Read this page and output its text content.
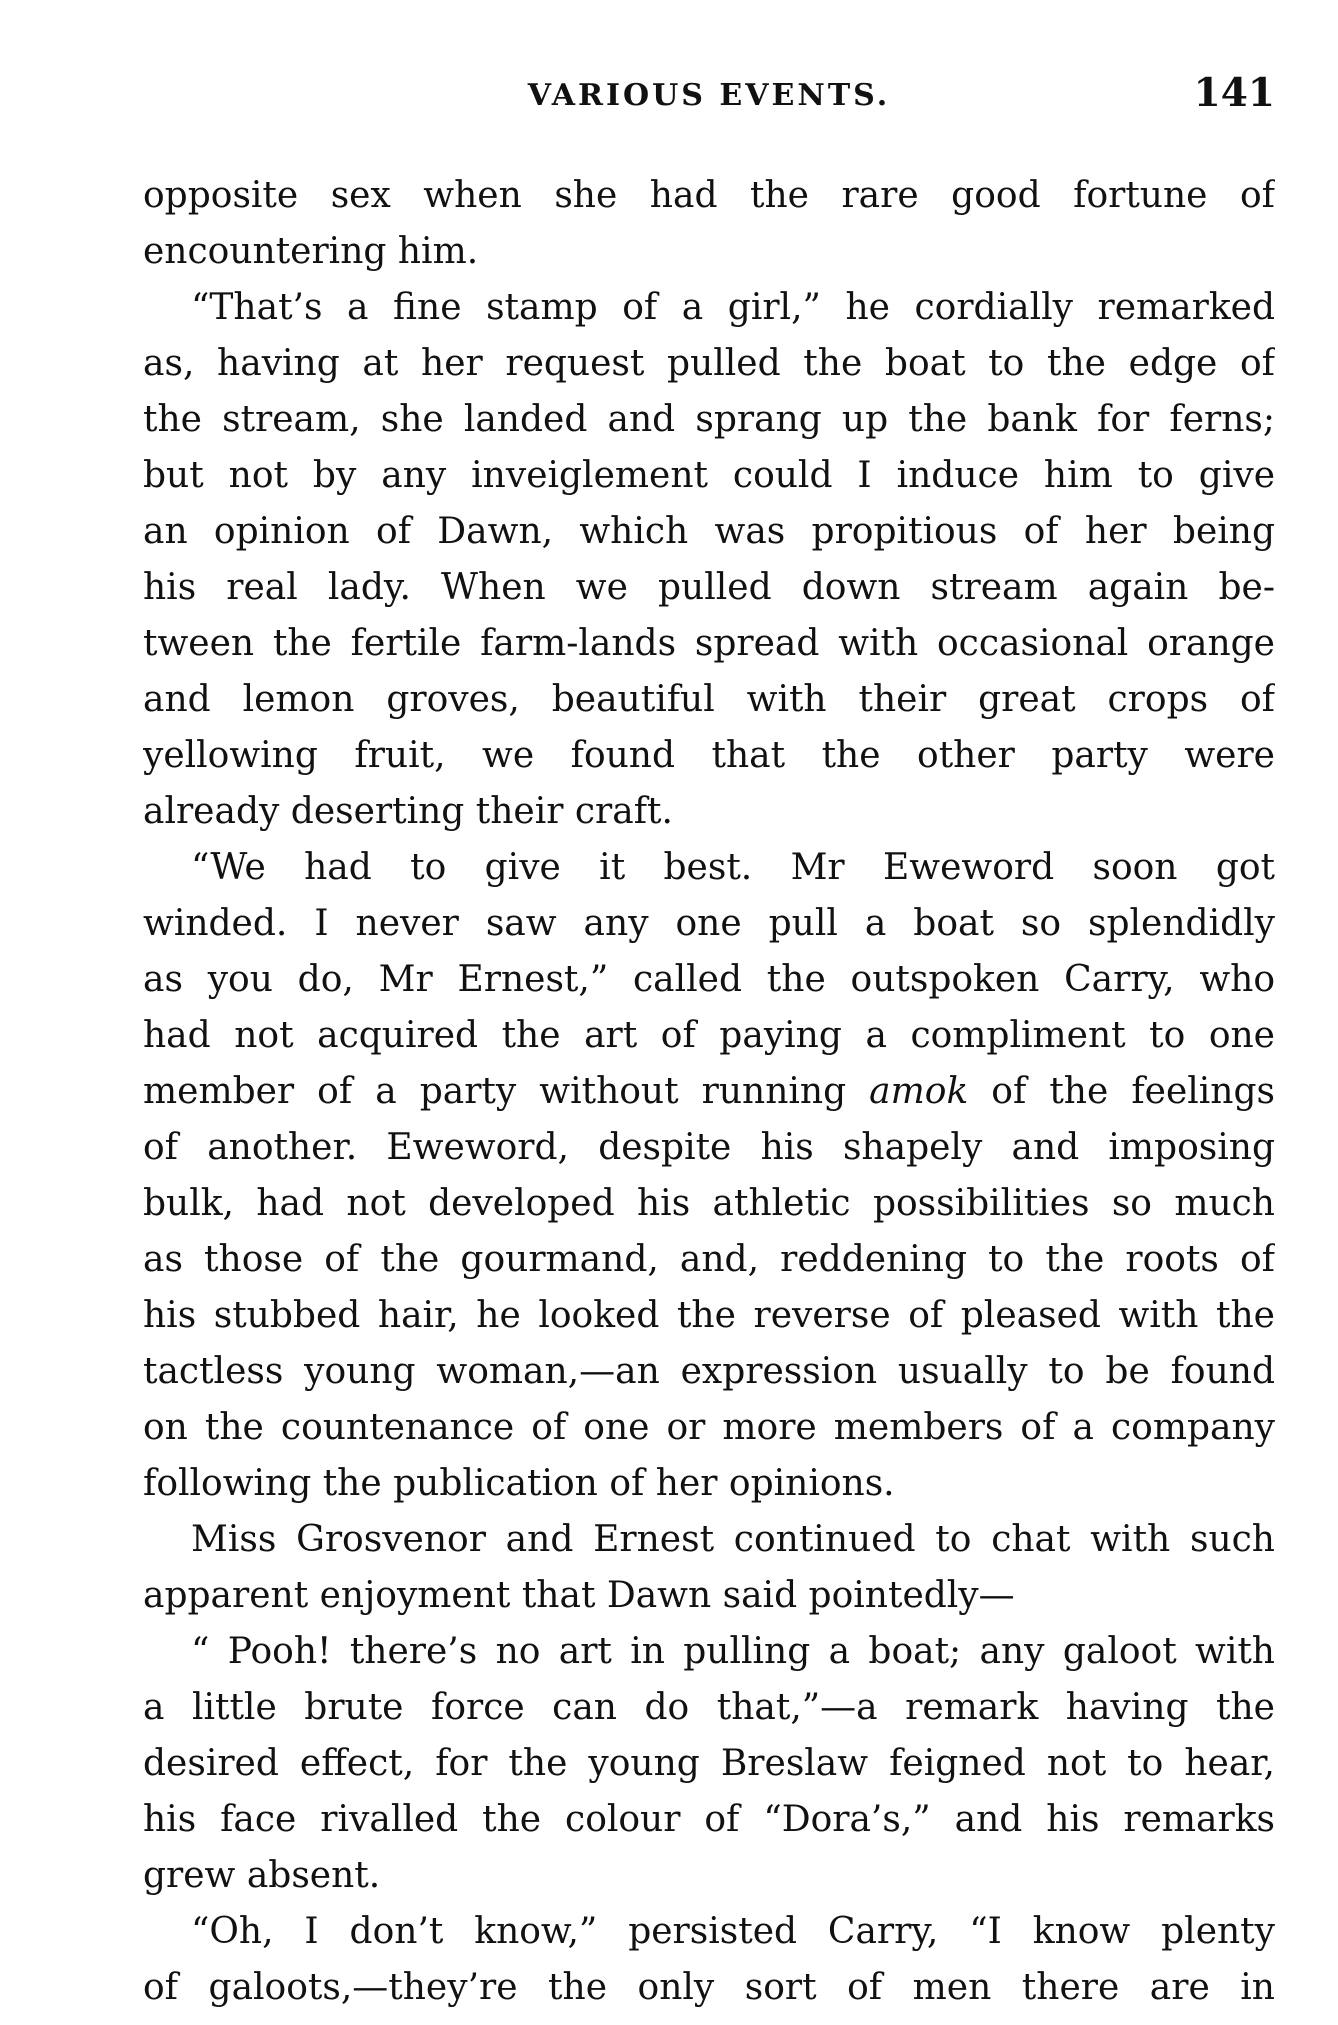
VARIOUS EVENTS.	141
opposite sex when she had the rare good fortune of
encountering him.
“That’s a fine stamp of a girl,” he cordially remarked
as, having at her request pulled the boat to the edge of
the stream, she landed and sprang up the bank for ferns;
but not by any inveiglement could I induce him to give
an opinion of Dawn, which was propitious of her being
his real lady. When we pulled down stream again be-
tween the fertile farm-lands spread with occasional orange
and lemon groves, beautiful with their great crops of
yellowing fruit, we found that the other party were
already deserting their craft.
“We had to give it best. Mr Eweword soon got
winded. I never saw any one pull a boat so splendidly
as you do, Mr Ernest,” called the outspoken Carry, who
had not acquired the art of paying a compliment to one
member of a party without running amok of the feelings
of another. Eweword, despite his shapely and imposing
bulk, had not developed his athletic possibilities so much
as those of the gourmand, and, reddening to the roots of
his stubbed hair, he looked the reverse of pleased with the
tactless young woman,—an expression usually to be found
on the countenance of one or more members of a company
following the publication of her opinions.
Miss Grosvenor and Ernest continued to chat with such
apparent enjoyment that Dawn said pointedly—
“ Pooh! there’s no art in pulling a boat; any galoot with
a little brute force can do that,”—a remark having the
desired effect, for the young Breslaw feigned not to hear,
his face rivalled the colour of “Dora’s,” and his remarks
grew absent.
“Oh, I don’t know,” persisted Carry, “I know plenty
of galoots,—they’re the only sort of men there are in
